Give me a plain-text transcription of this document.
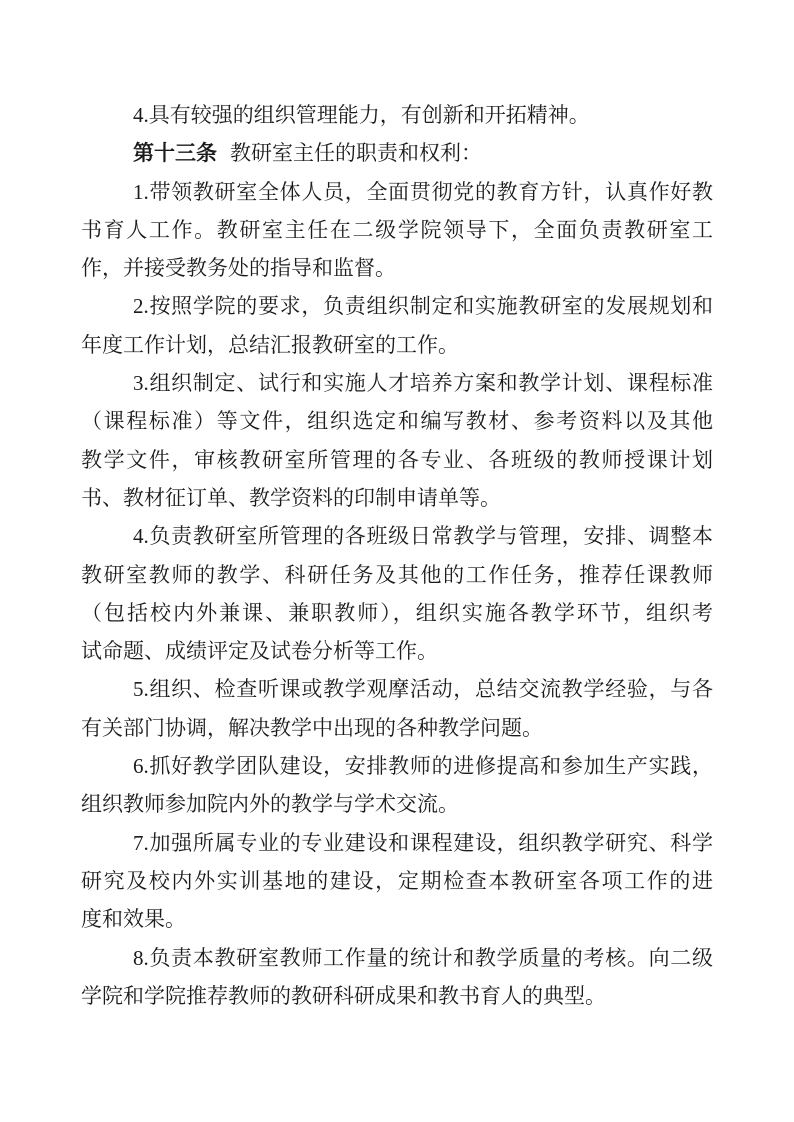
4.具有较强的组织管理能力，有创新和开拓精神。
第十三条 教研室主任的职责和权利：
1.带领教研室全体人员，全面贯彻党的教育方针，认真作好教
书育人工作。教研室主任在二级学院领导下，全面负责教研室工
作，并接受教务处的指导和监督。
2.按照学院的要求，负责组织制定和实施教研室的发展规划和
年度工作计划，总结汇报教研室的工作。
3.组织制定、试行和实施人才培养方案和教学计划、课程标准
（课程标准）等文件，组织选定和编写教材、参考资料以及其他
教学文件，审核教研室所管理的各专业、各班级的教师授课计划
书、教材征订单、教学资料的印制申请单等。
4.负责教研室所管理的各班级日常教学与管理，安排、调整本
教研室教师的教学、科研任务及其他的工作任务，推荐任课教师
（包括校内外兼课、兼职教师），组织实施各教学环节，组织考
试命题、成绩评定及试卷分析等工作。
5.组织、检查听课或教学观摩活动，总结交流教学经验，与各
有关部门协调，解决教学中出现的各种教学问题。
6.抓好教学团队建设，安排教师的进修提高和参加生产实践，
组织教师参加院内外的教学与学术交流。
7.加强所属专业的专业建设和课程建设，组织教学研究、科学
研究及校内外实训基地的建设，定期检查本教研室各项工作的进
度和效果。
8.负责本教研室教师工作量的统计和教学质量的考核。向二级
学院和学院推荐教师的教研科研成果和教书育人的典型。
